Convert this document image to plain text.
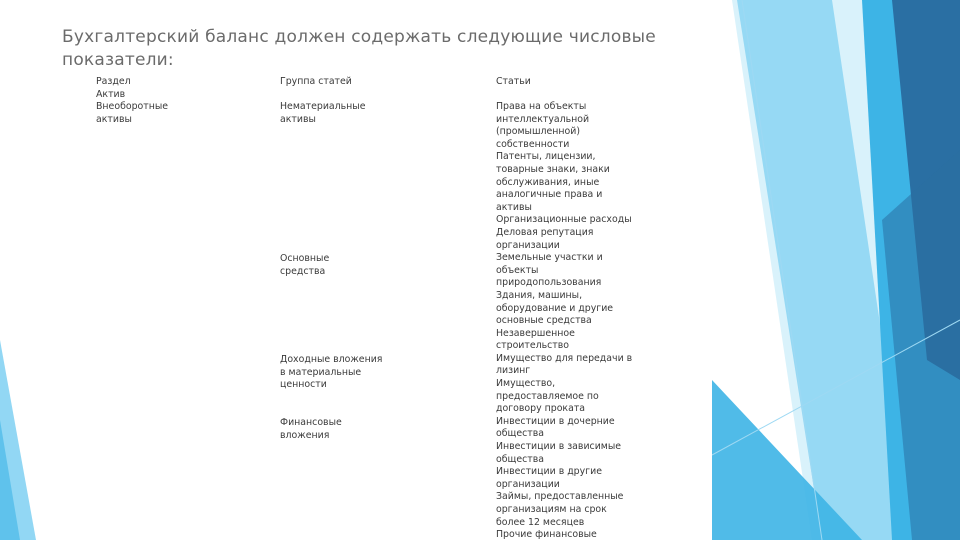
Бухгалтерский баланс должен содержать следующие числовые показатели:
Раздел
Актив
Внеоборотные
активы
Группа статей	Статьи
Нематериальные
активы
Основные
средства
Доходные вложения
в материальные
ценности
Финансовые
вложения
Права на объекты
интеллектуальной
(промышленной)
собственности
Патенты, лицензии,
товарные знаки, знаки
обслуживания, иные
аналогичные права и
активы
Организационные расходы
Деловая репутация
организации
Земельные участки и
объекты
природопользования
Здания, машины,
оборудование и другие
основные средства
Незавершенное
строительство
Имущество для передачи в
лизинг
Имущество,
предоставляемое по
договору проката
Инвестиции в дочерние
общества
Инвестиции в зависимые
общества
Инвестиции в другие
организации
Займы, предоставленные
организациям на срок
более 12 месяцев
Прочие финансовые
